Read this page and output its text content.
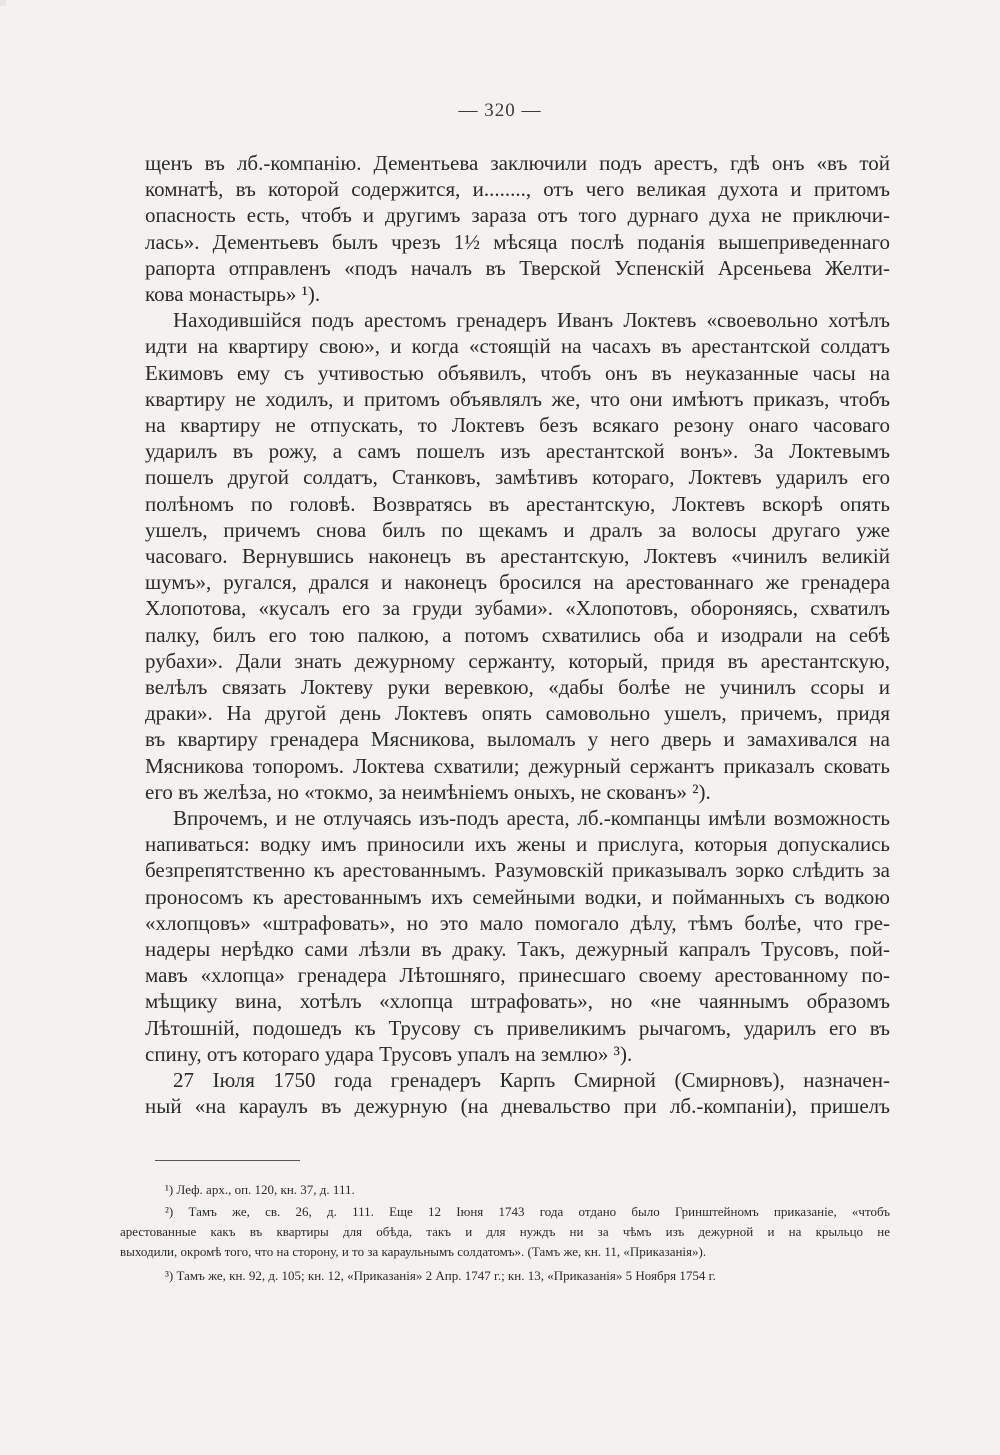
— 320 —
щенъ въ лб.-компанію. Дементьева заключили подъ арестъ, гдѣ онъ «въ той
комнатѣ, въ которой содержится, и........, отъ чего великая духота и притомъ
опасность есть, чтобъ и другимъ зараза отъ того дурнаго духа не приключи-
лась». Дементьевъ былъ чрезъ 1½ мѣсяца послѣ поданія вышеприведеннаго
рапорта отправленъ «подъ началъ въ Тверской Успенскій Арсеньева Желти-
кова монастырь» ¹).
Находившійся подъ арестомъ гренадеръ Иванъ Локтевъ «своевольно хотѣлъ
идти на квартиру свою», и когда «стоящій на часахъ въ арестантской солдатъ
Екимовъ ему съ учтивостью объявилъ, чтобъ онъ въ неуказанные часы на
квартиру не ходилъ, и притомъ объявлялъ же, что они имѣютъ приказъ, чтобъ
на квартиру не отпускать, то Локтевъ безъ всякаго резону онаго часоваго
ударилъ въ рожу, а самъ пошелъ изъ арестантской вонъ». За Локтевымъ
пошелъ другой солдатъ, Станковъ, замѣтивъ котораго, Локтевъ ударилъ его
полѣномъ по головѣ. Возвратясь въ арестантскую, Локтевъ вскорѣ опять
ушелъ, причемъ снова билъ по щекамъ и дралъ за волосы другаго уже
часоваго. Вернувшись наконецъ въ арестантскую, Локтевъ «чинилъ великій
шумъ», ругался, дрался и наконецъ бросился на арестованнаго же гренадера
Хлопотова, «кусалъ его за груди зубами». «Хлопотовъ, обороняясь, схватилъ
палку, билъ его тою палкою, а потомъ схватились оба и изодрали на себѣ
рубахи». Дали знать дежурному сержанту, который, придя въ арестантскую,
велѣлъ связать Локтеву руки веревкою, «дабы болѣе не учинилъ ссоры и
драки». На другой день Локтевъ опять самовольно ушелъ, причемъ, придя
въ квартиру гренадера Мясникова, выломалъ у него дверь и замахивался на
Мясникова топоромъ. Локтева схватили; дежурный сержантъ приказалъ сковать
его въ желѣза, но «токмо, за неимѣніемъ оныхъ, не скованъ» ²).
Впрочемъ, и не отлучаясь изъ-подъ ареста, лб.-компанцы имѣли возможность
напиваться: водку имъ приносили ихъ жены и прислуга, которыя допускались
безпрепятственно къ арестованнымъ. Разумовскій приказывалъ зорко слѣдить за
проносомъ къ арестованнымъ ихъ семейными водки, и пойманныхъ съ водкою
«хлопцовъ» «штрафовать», но это мало помогало дѣлу, тѣмъ болѣе, что гре-
надеры нерѣдко сами лѣзли въ драку. Такъ, дежурный капралъ Трусовъ, пой-
мавъ «хлопца» гренадера Лѣтошняго, принесшаго своему арестованному по-
мѣщику вина, хотѣлъ «хлопца штрафовать», но «не чаяннымъ образомъ
Лѣтошній, подошедъ къ Трусову съ привеликимъ рычагомъ, ударилъ его въ
спину, отъ котораго удара Трусовъ упалъ на землю» ³).
27 Іюля 1750 года гренадеръ Карпъ Смирной (Смирновъ), назначен-
ный «на караулъ въ дежурную (на дневальство при лб.-компаніи), пришелъ
¹) Леф. арх., оп. 120, кн. 37, д. 111.
²) Тамъ же, св. 26, д. 111. Еще 12 Іюня 1743 года отдано было Гринштейномъ приказаніе, «чтобъ
арестованные какъ въ квартиры для обѣда, такъ и для нуждъ ни за чѣмъ изъ дежурной и на крыльцо не
выходили, окромѣ того, что на сторону, и то за караульнымъ солдатомъ». (Тамъ же, кн. 11, «Приказанія»).
³) Тамъ же, кн. 92, д. 105; кн. 12, «Приказанія» 2 Апр. 1747 г.; кн. 13, «Приказанія» 5 Ноября 1754 г.
